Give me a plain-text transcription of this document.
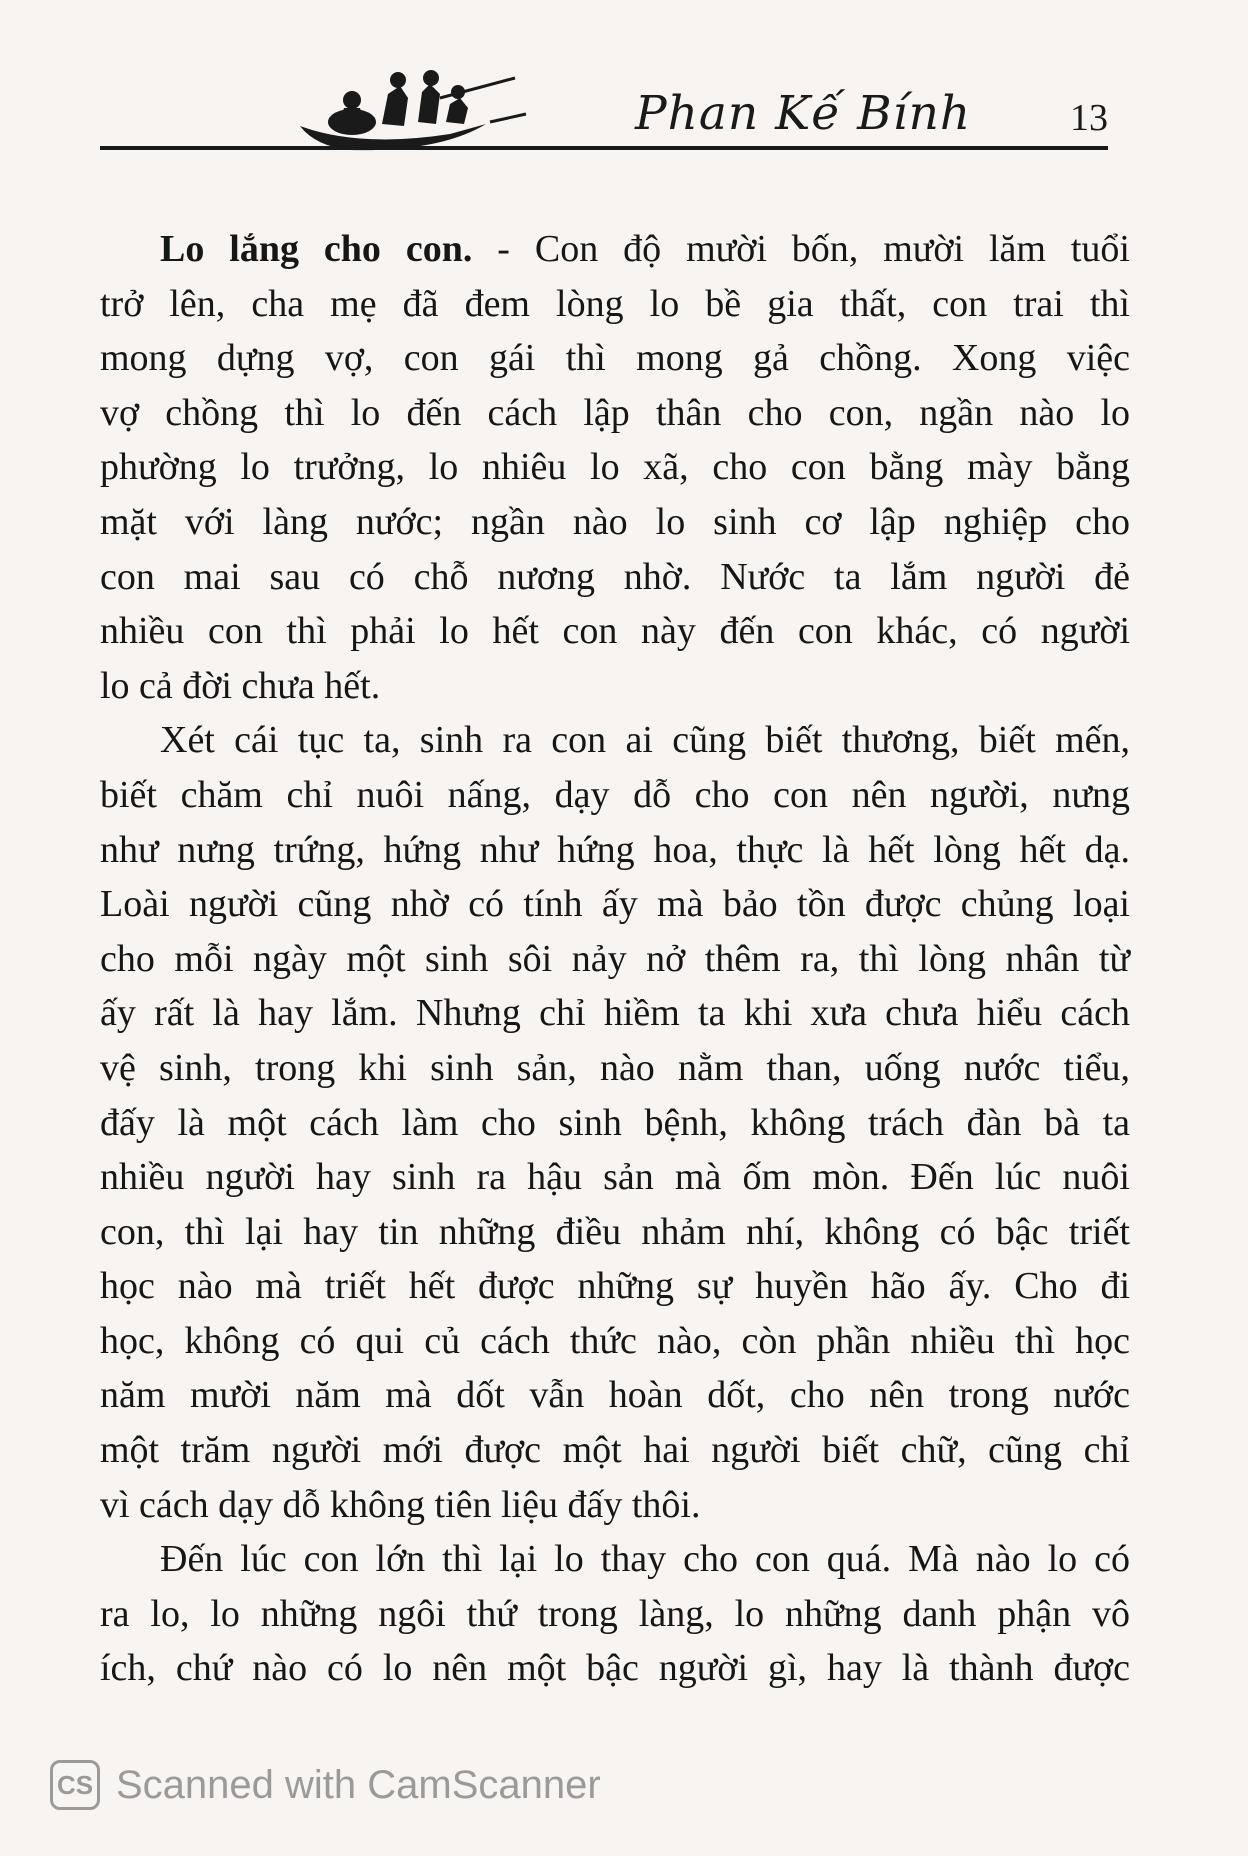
Phan Kế Bính	13
Lo lắng cho con. - Con độ mười bốn, mười lăm tuổi
trở lên, cha mẹ đã đem lòng lo bề gia thất, con trai thì
mong dựng vợ, con gái thì mong gả chồng. Xong việc
vợ chồng thì lo đến cách lập thân cho con, ngần nào lo
phường lo trưởng, lo nhiêu lo xã, cho con bằng mày bằng
mặt với làng nước; ngần nào lo sinh cơ lập nghiệp cho
con mai sau có chỗ nương nhờ. Nước ta lắm người đẻ
nhiều con thì phải lo hết con này đến con khác, có người
lo cả đời chưa hết.
Xét cái tục ta, sinh ra con ai cũng biết thương, biết mến,
biết chăm chỉ nuôi nấng, dạy dỗ cho con nên người, nưng
như nưng trứng, hứng như hứng hoa, thực là hết lòng hết dạ.
Loài người cũng nhờ có tính ấy mà bảo tồn được chủng loại
cho mỗi ngày một sinh sôi nảy nở thêm ra, thì lòng nhân từ
ấy rất là hay lắm. Nhưng chỉ hiềm ta khi xưa chưa hiểu cách
vệ sinh, trong khi sinh sản, nào nằm than, uống nước tiểu,
đấy là một cách làm cho sinh bệnh, không trách đàn bà ta
nhiều người hay sinh ra hậu sản mà ốm mòn. Đến lúc nuôi
con, thì lại hay tin những điều nhảm nhí, không có bậc triết
học nào mà triết hết được những sự huyền hão ấy. Cho đi
học, không có qui củ cách thức nào, còn phần nhiều thì học
năm mười năm mà dốt vẫn hoàn dốt, cho nên trong nước
một trăm người mới được một hai người biết chữ, cũng chỉ
vì cách dạy dỗ không tiên liệu đấy thôi.
Đến lúc con lớn thì lại lo thay cho con quá. Mà nào lo có
ra lo, lo những ngôi thứ trong làng, lo những danh phận vô
ích, chứ nào có lo nên một bậc người gì, hay là thành được
CS Scanned with CamScanner
